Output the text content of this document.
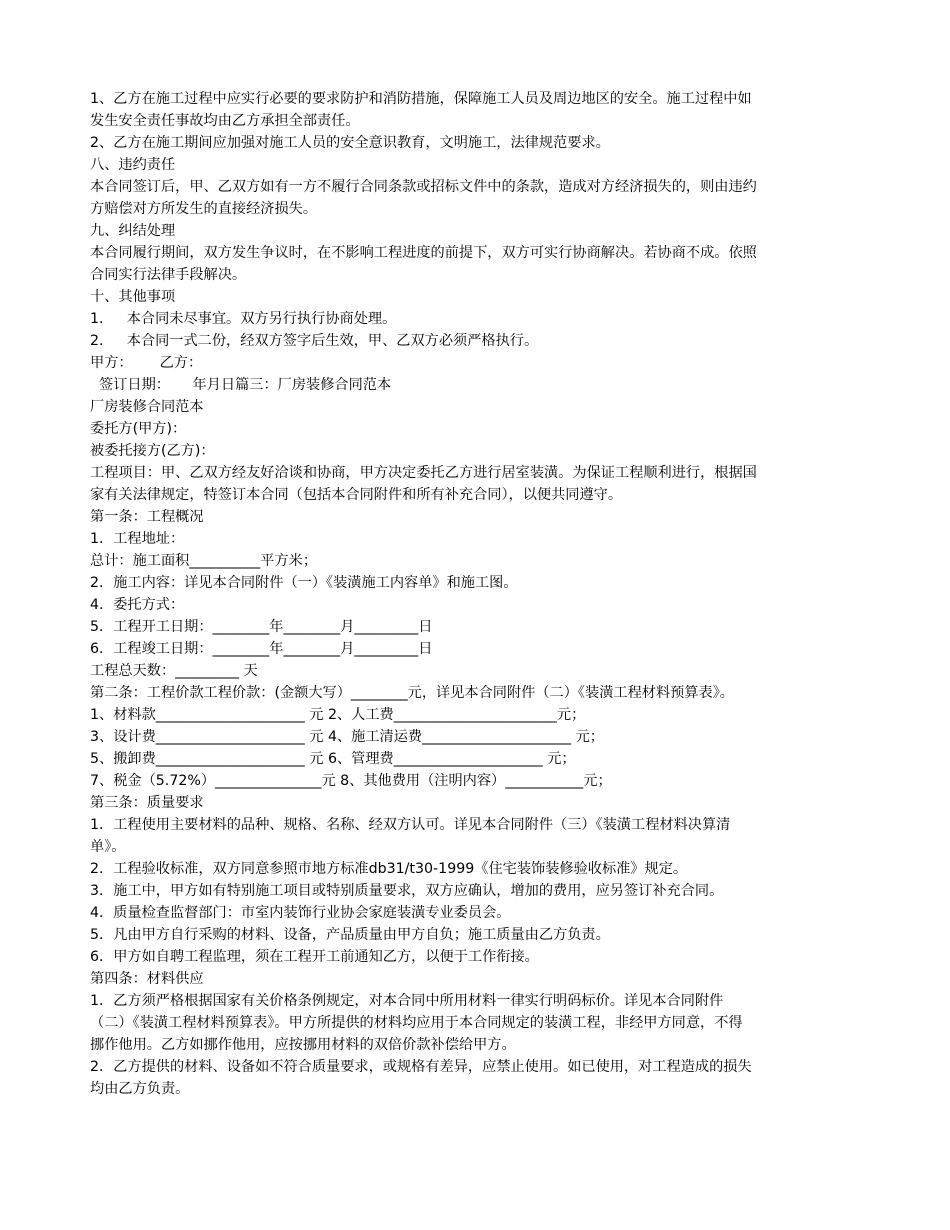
1、乙方在施工过程中应实行必要的要求防护和消防措施，保障施工人员及周边地区的安全。施工过程中如
发生安全责任事故均由乙方承担全部责任。
2、乙方在施工期间应加强对施工人员的安全意识教育，文明施工，法律规范要求。
八、违约责任
本合同签订后，甲、乙双方如有一方不履行合同条款或招标文件中的条款，造成对方经济损失的，则由违约
方赔偿对方所发生的直接经济损失。
九、纠结处理
本合同履行期间，双方发生争议时，在不影响工程进度的前提下，双方可实行协商解决。若协商不成。依照
合同实行法律手段解决。
十、其他事项
1．   本合同未尽事宜。双方另行执行协商处理。
2．   本合同一式二份，经双方签字后生效，甲、乙双方必须严格执行。
甲方：      乙方：
签订日期：     年月日篇三：厂房装修合同范本
厂房装修合同范本
委托方(甲方)：
被委托接方(乙方)：
工程项目：甲、乙双方经友好洽谈和协商，甲方决定委托乙方进行居室装潢。为保证工程顺利进行，根据国
家有关法律规定，特签订本合同（包括本合同附件和所有补充合同），以便共同遵守。
第一条：工程概况
1．工程地址：
总计：施工面积__________平方米；
2．施工内容：详见本合同附件（一）《装潢施工内容单》和施工图。
4．委托方式：
5．工程开工日期：________年________月_________日
6．工程竣工日期：________年________月_________日
工程总天数：_________ 天
第二条：工程价款工程价款：(金额大写）________元，详见本合同附件（二）《装潢工程材料预算表》。
1、材料款_____________________ 元 2、人工费_______________________元；
3、设计费_____________________ 元 4、施工清运费_____________________ 元；
5、搬卸费_____________________ 元 6、管理费_____________________ 元；
7、税金（5.72%）_______________元 8、其他费用（注明内容）___________元；
第三条：质量要求
1．工程使用主要材料的品种、规格、名称、经双方认可。详见本合同附件（三）《装潢工程材料决算清
单》。
2．工程验收标准，双方同意参照市地方标准db31/t30-1999《住宅装饰装修验收标准》规定。
3．施工中，甲方如有特别施工项目或特别质量要求，双方应确认，增加的费用，应另签订补充合同。
4．质量检查监督部门：市室内装饰行业协会家庭装潢专业委员会。
5．凡由甲方自行采购的材料、设备，产品质量由甲方自负；施工质量由乙方负责。
6．甲方如自聘工程监理，须在工程开工前通知乙方，以便于工作衔接。
第四条：材料供应
1．乙方须严格根据国家有关价格条例规定，对本合同中所用材料一律实行明码标价。详见本合同附件
（二）《装潢工程材料预算表》。甲方所提供的材料均应用于本合同规定的装潢工程，非经甲方同意，不得
挪作他用。乙方如挪作他用，应按挪用材料的双倍价款补偿给甲方。
2．乙方提供的材料、设备如不符合质量要求，或规格有差异，应禁止使用。如已使用，对工程造成的损失
均由乙方负责。
